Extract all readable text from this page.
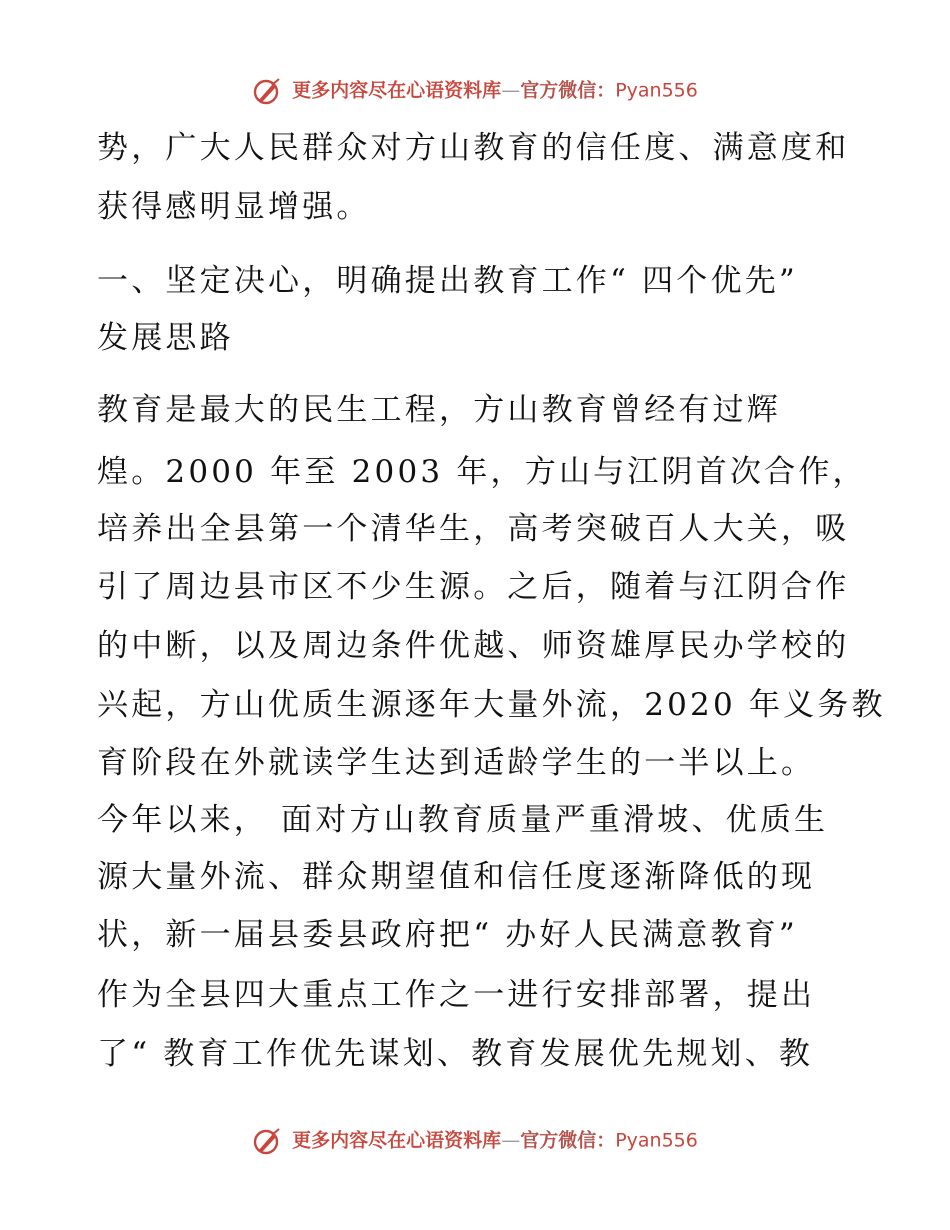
更多内容尽在心语资料库—官方微信：Pyan556
势，广大人民群众对方山教育的信任度、满意度和
获得感明显增强。
一、坚定决心，明确提出教育工作“ 四个优先”
发展思路
教育是最大的民生工程，方山教育曾经有过辉
煌。2000 年至 2003 年，方山与江阴首次合作，
培养出全县第一个清华生，高考突破百人大关，吸
引了周边县市区不少生源。之后，随着与江阴合作
的中断，以及周边条件优越、师资雄厚民办学校的
兴起，方山优质生源逐年大量外流，2020 年义务教
育阶段在外就读学生达到适龄学生的一半以上。
今年以来， 面对方山教育质量严重滑坡、优质生
源大量外流、群众期望值和信任度逐渐降低的现
状，新一届县委县政府把“ 办好人民满意教育”
作为全县四大重点工作之一进行安排部署，提出
了“ 教育工作优先谋划、教育发展优先规划、教
更多内容尽在心语资料库—官方微信：Pyan556
